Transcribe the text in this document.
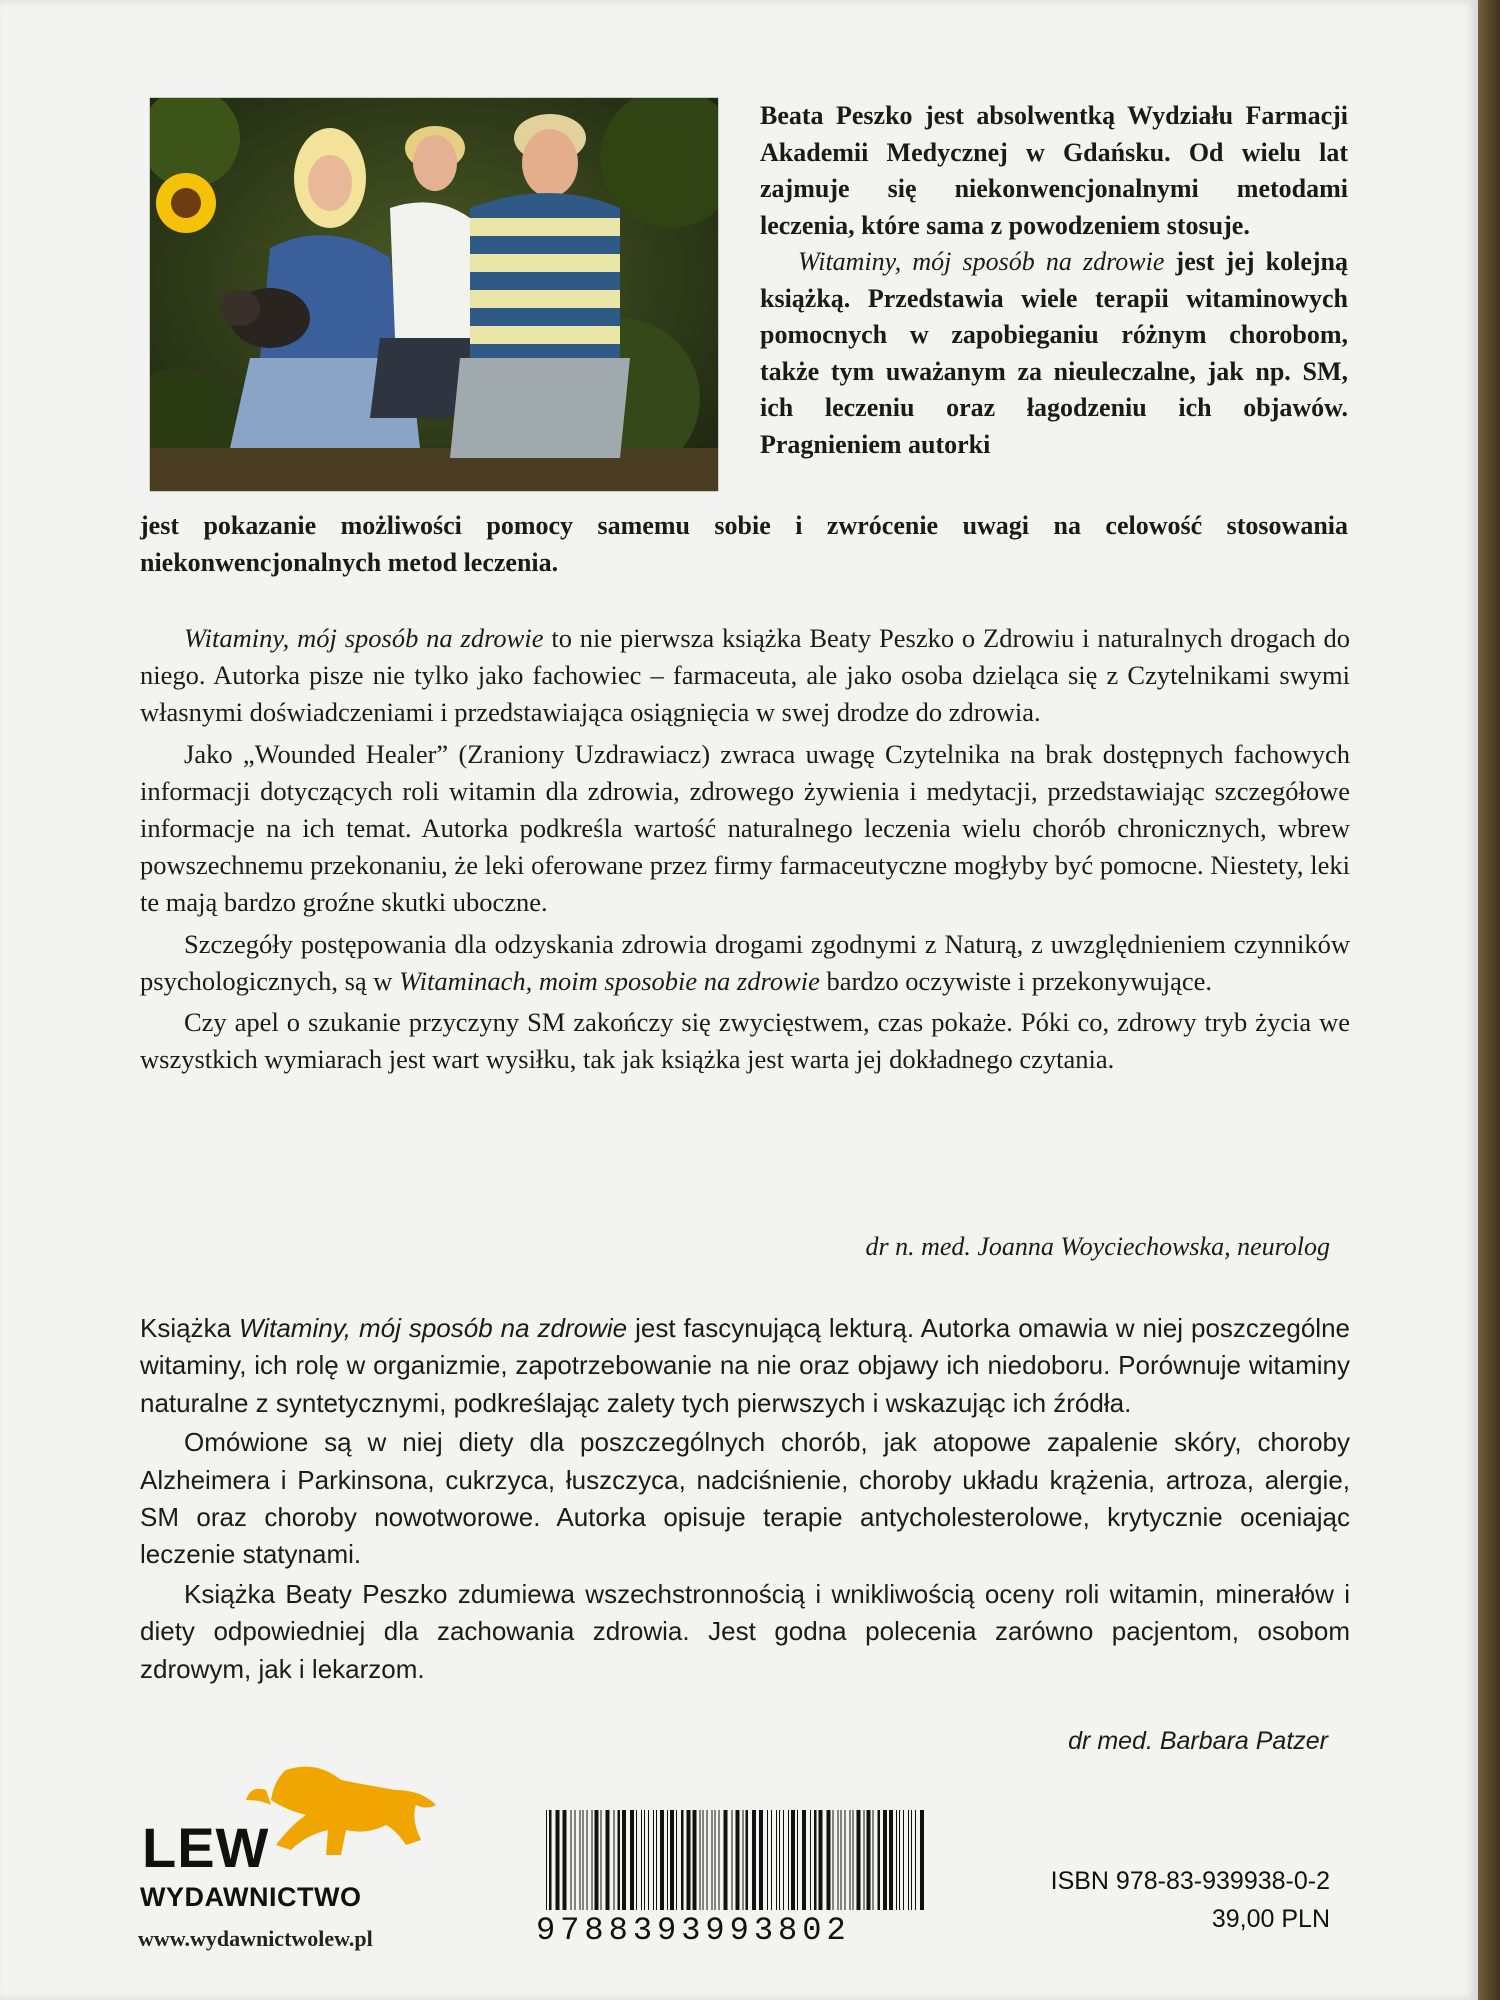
Beata Peszko jest absolwentką Wydziału Farmacji Akademii Medycznej w Gdańsku. Od wielu lat zajmuje się niekonwencjonalnymi metodami leczenia, które sama z powodzeniem stosuje.

Witaminy, mój sposób na zdrowie jest jej kolejną książką. Przedstawia wiele terapii witaminowych pomocnych w zapobieganiu różnym chorobom, także tym uważanym za nieuleczalne, jak np. SM, ich leczeniu oraz łagodzeniu ich objawów. Pragnieniem autorki

jest pokazanie możliwości pomocy samemu sobie i zwrócenie uwagi na celowość stosowania niekonwencjonalnych metod leczenia.

Witaminy, mój sposób na zdrowie to nie pierwsza książka Beaty Peszko o Zdrowiu i naturalnych drogach do niego. Autorka pisze nie tylko jako fachowiec – farmaceuta, ale jako osoba dzieląca się z Czytelnikami swymi własnymi doświadczeniami i przedstawiająca osiągnięcia w swej drodze do zdrowia.

Jako „Wounded Healer” (Zraniony Uzdrawiacz) zwraca uwagę Czytelnika na brak dostępnych fachowych informacji dotyczących roli witamin dla zdrowia, zdrowego żywienia i medytacji, przedstawiając szczegółowe informacje na ich temat. Autorka podkreśla wartość naturalnego leczenia wielu chorób chronicznych, wbrew powszechnemu przekonaniu, że leki oferowane przez firmy farmaceutyczne mogłyby być pomocne. Niestety, leki te mają bardzo groźne skutki uboczne.

Szczegóły postępowania dla odzyskania zdrowia drogami zgodnymi z Naturą, z uwzględnieniem czynników psychologicznych, są w Witaminach, moim sposobie na zdrowie bardzo oczywiste i przekonywujące.

Czy apel o szukanie przyczyny SM zakończy się zwycięstwem, czas pokaże. Póki co, zdrowy tryb życia we wszystkich wymiarach jest wart wysiłku, tak jak książka jest warta jej dokładnego czytania.

dr n. med. Joanna Woyciechowska, neurolog

Książka Witaminy, mój sposób na zdrowie jest fascynującą lekturą. Autorka omawia w niej poszczególne witaminy, ich rolę w organizmie, zapotrzebowanie na nie oraz objawy ich niedoboru. Porównuje witaminy naturalne z syntetycznymi, podkreślając zalety tych pierwszych i wskazując ich źródła.

Omówione są w niej diety dla poszczególnych chorób, jak atopowe zapalenie skóry, choroby Alzheimera i Parkinsona, cukrzyca, łuszczyca, nadciśnienie, choroby układu krążenia, artroza, alergie, SM oraz choroby nowotworowe. Autorka opisuje terapie antycholesterolowe, krytycznie oceniając leczenie statynami.

Książka Beaty Peszko zdumiewa wszechstronnością i wnikliwością oceny roli witamin, minerałów i diety odpowiedniej dla zachowania zdrowia. Jest godna polecenia zarówno pacjentom, osobom zdrowym, jak i lekarzom.

dr med. Barbara Patzer
LEW
WYDAWNICTWO
www.wydawnictwolew.pl	9788393993802
ISBN 978-83-939938-0-2
39,00 PLN
